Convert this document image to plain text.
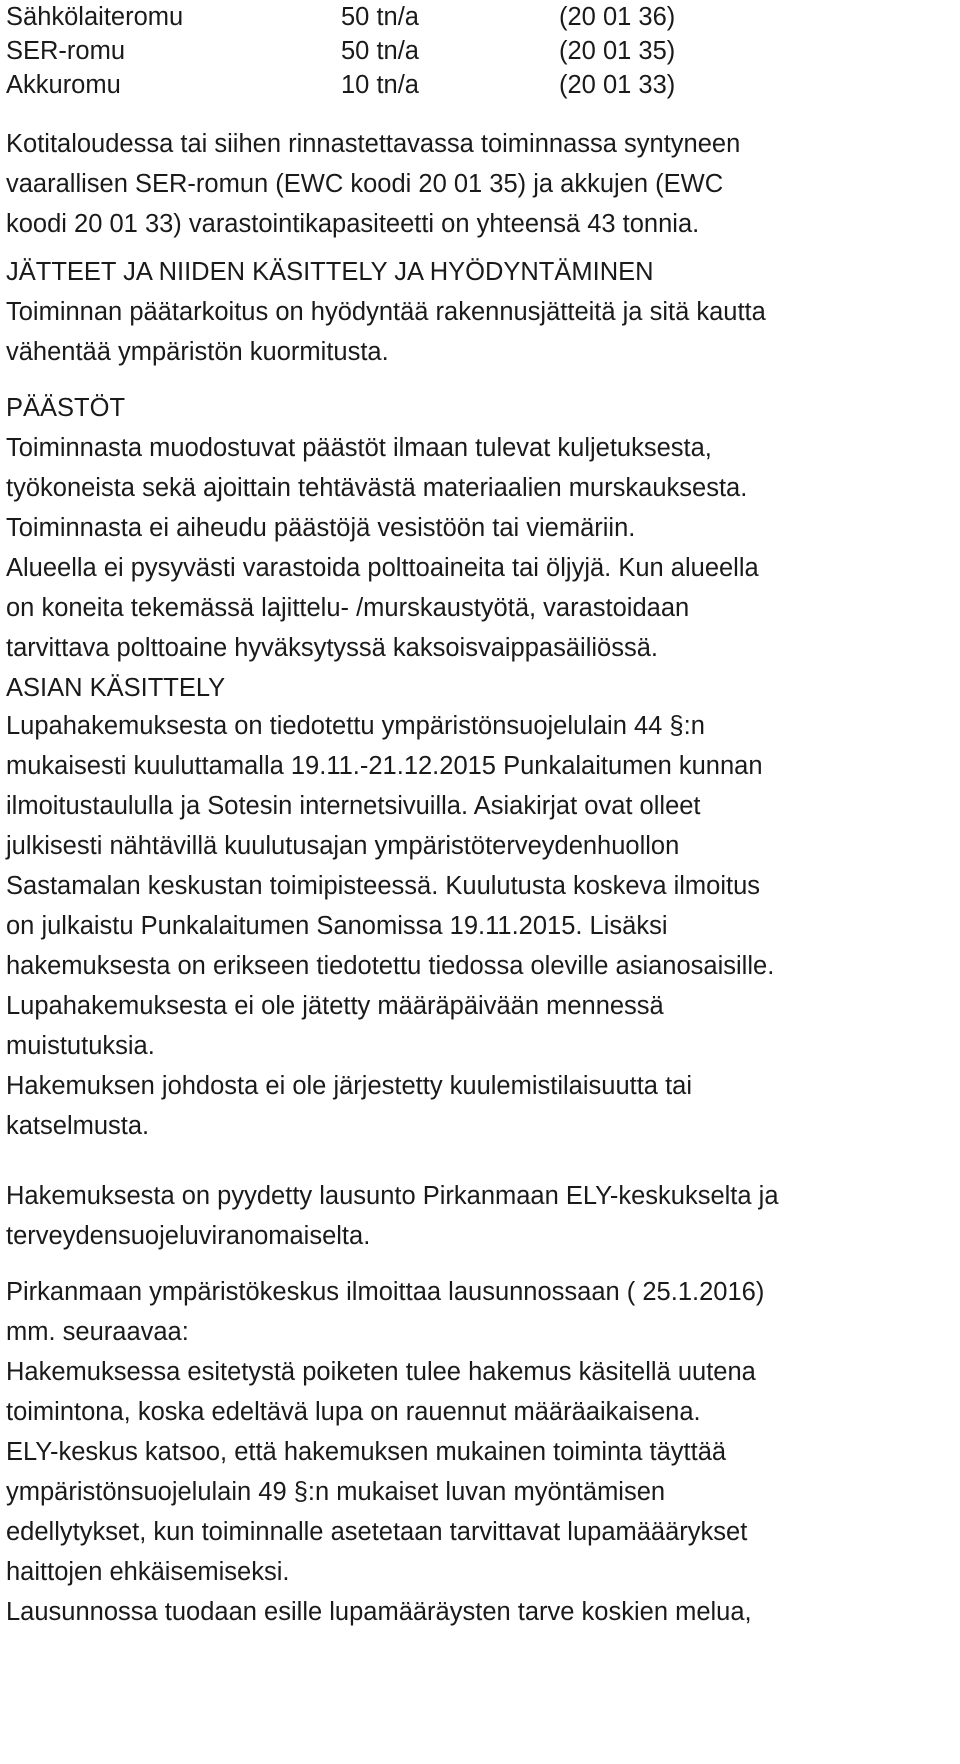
Sähkölaiteromu	50 tn/a	(20 01 36)
SER-romu	50 tn/a	(20 01 35)
Akkuromu	10 tn/a	(20 01 33)
Kotitaloudessa tai siihen rinnastettavassa toiminnassa syntyneen
vaarallisen SER-romun (EWC koodi 20 01 35) ja akkujen (EWC
koodi 20 01 33) varastointikapasiteetti on yhteensä 43 tonnia.
JÄTTEET JA NIIDEN KÄSITTELY JA HYÖDYNTÄMINEN
Toiminnan päätarkoitus on hyödyntää rakennusjätteitä ja sitä kautta
vähentää ympäristön kuormitusta.
PÄÄSTÖT
Toiminnasta muodostuvat päästöt ilmaan tulevat kuljetuksesta,
työkoneista sekä ajoittain tehtävästä materiaalien murskauksesta.
Toiminnasta ei aiheudu päästöjä vesistöön tai viemäriin.
Alueella ei pysyvästi varastoida polttoaineita tai öljyjä. Kun alueella
on koneita tekemässä lajittelu- /murskaustyötä, varastoidaan
tarvittava polttoaine hyväksytyssä kaksoisvaippasäiliössä.
ASIAN KÄSITTELY
Lupahakemuksesta on tiedotettu ympäristönsuojelulain 44 §:n
mukaisesti kuuluttamalla 19.11.-21.12.2015 Punkalaitumen kunnan
ilmoitustaululla ja Sotesin internetsivuilla. Asiakirjat ovat olleet
julkisesti nähtävillä kuulutusajan ympäristöterveydenhuollon
Sastamalan keskustan toimipisteessä. Kuulutusta koskeva ilmoitus
on julkaistu Punkalaitumen Sanomissa 19.11.2015. Lisäksi
hakemuksesta on erikseen tiedotettu tiedossa oleville asianosaisille.
Lupahakemuksesta ei ole jätetty määräpäivään mennessä
muistutuksia.
Hakemuksen johdosta ei ole järjestetty kuulemistilaisuutta tai
katselmusta.
Hakemuksesta on pyydetty lausunto Pirkanmaan ELY-keskukselta ja
terveydensuojeluviranomaiselta.
Pirkanmaan ympäristökeskus ilmoittaa lausunnossaan ( 25.1.2016)
mm. seuraavaa:
Hakemuksessa esitetystä poiketen tulee hakemus käsitellä uutena
toimintona, koska edeltävä lupa on rauennut määräaikaisena.
ELY-keskus katsoo, että hakemuksen mukainen toiminta täyttää
ympäristönsuojelulain 49 §:n mukaiset luvan myöntämisen
edellytykset, kun toiminnalle asetetaan tarvittavat lupamääärykset
haittojen ehkäisemiseksi.
Lausunnossa tuodaan esille lupamääräysten tarve koskien melua,
